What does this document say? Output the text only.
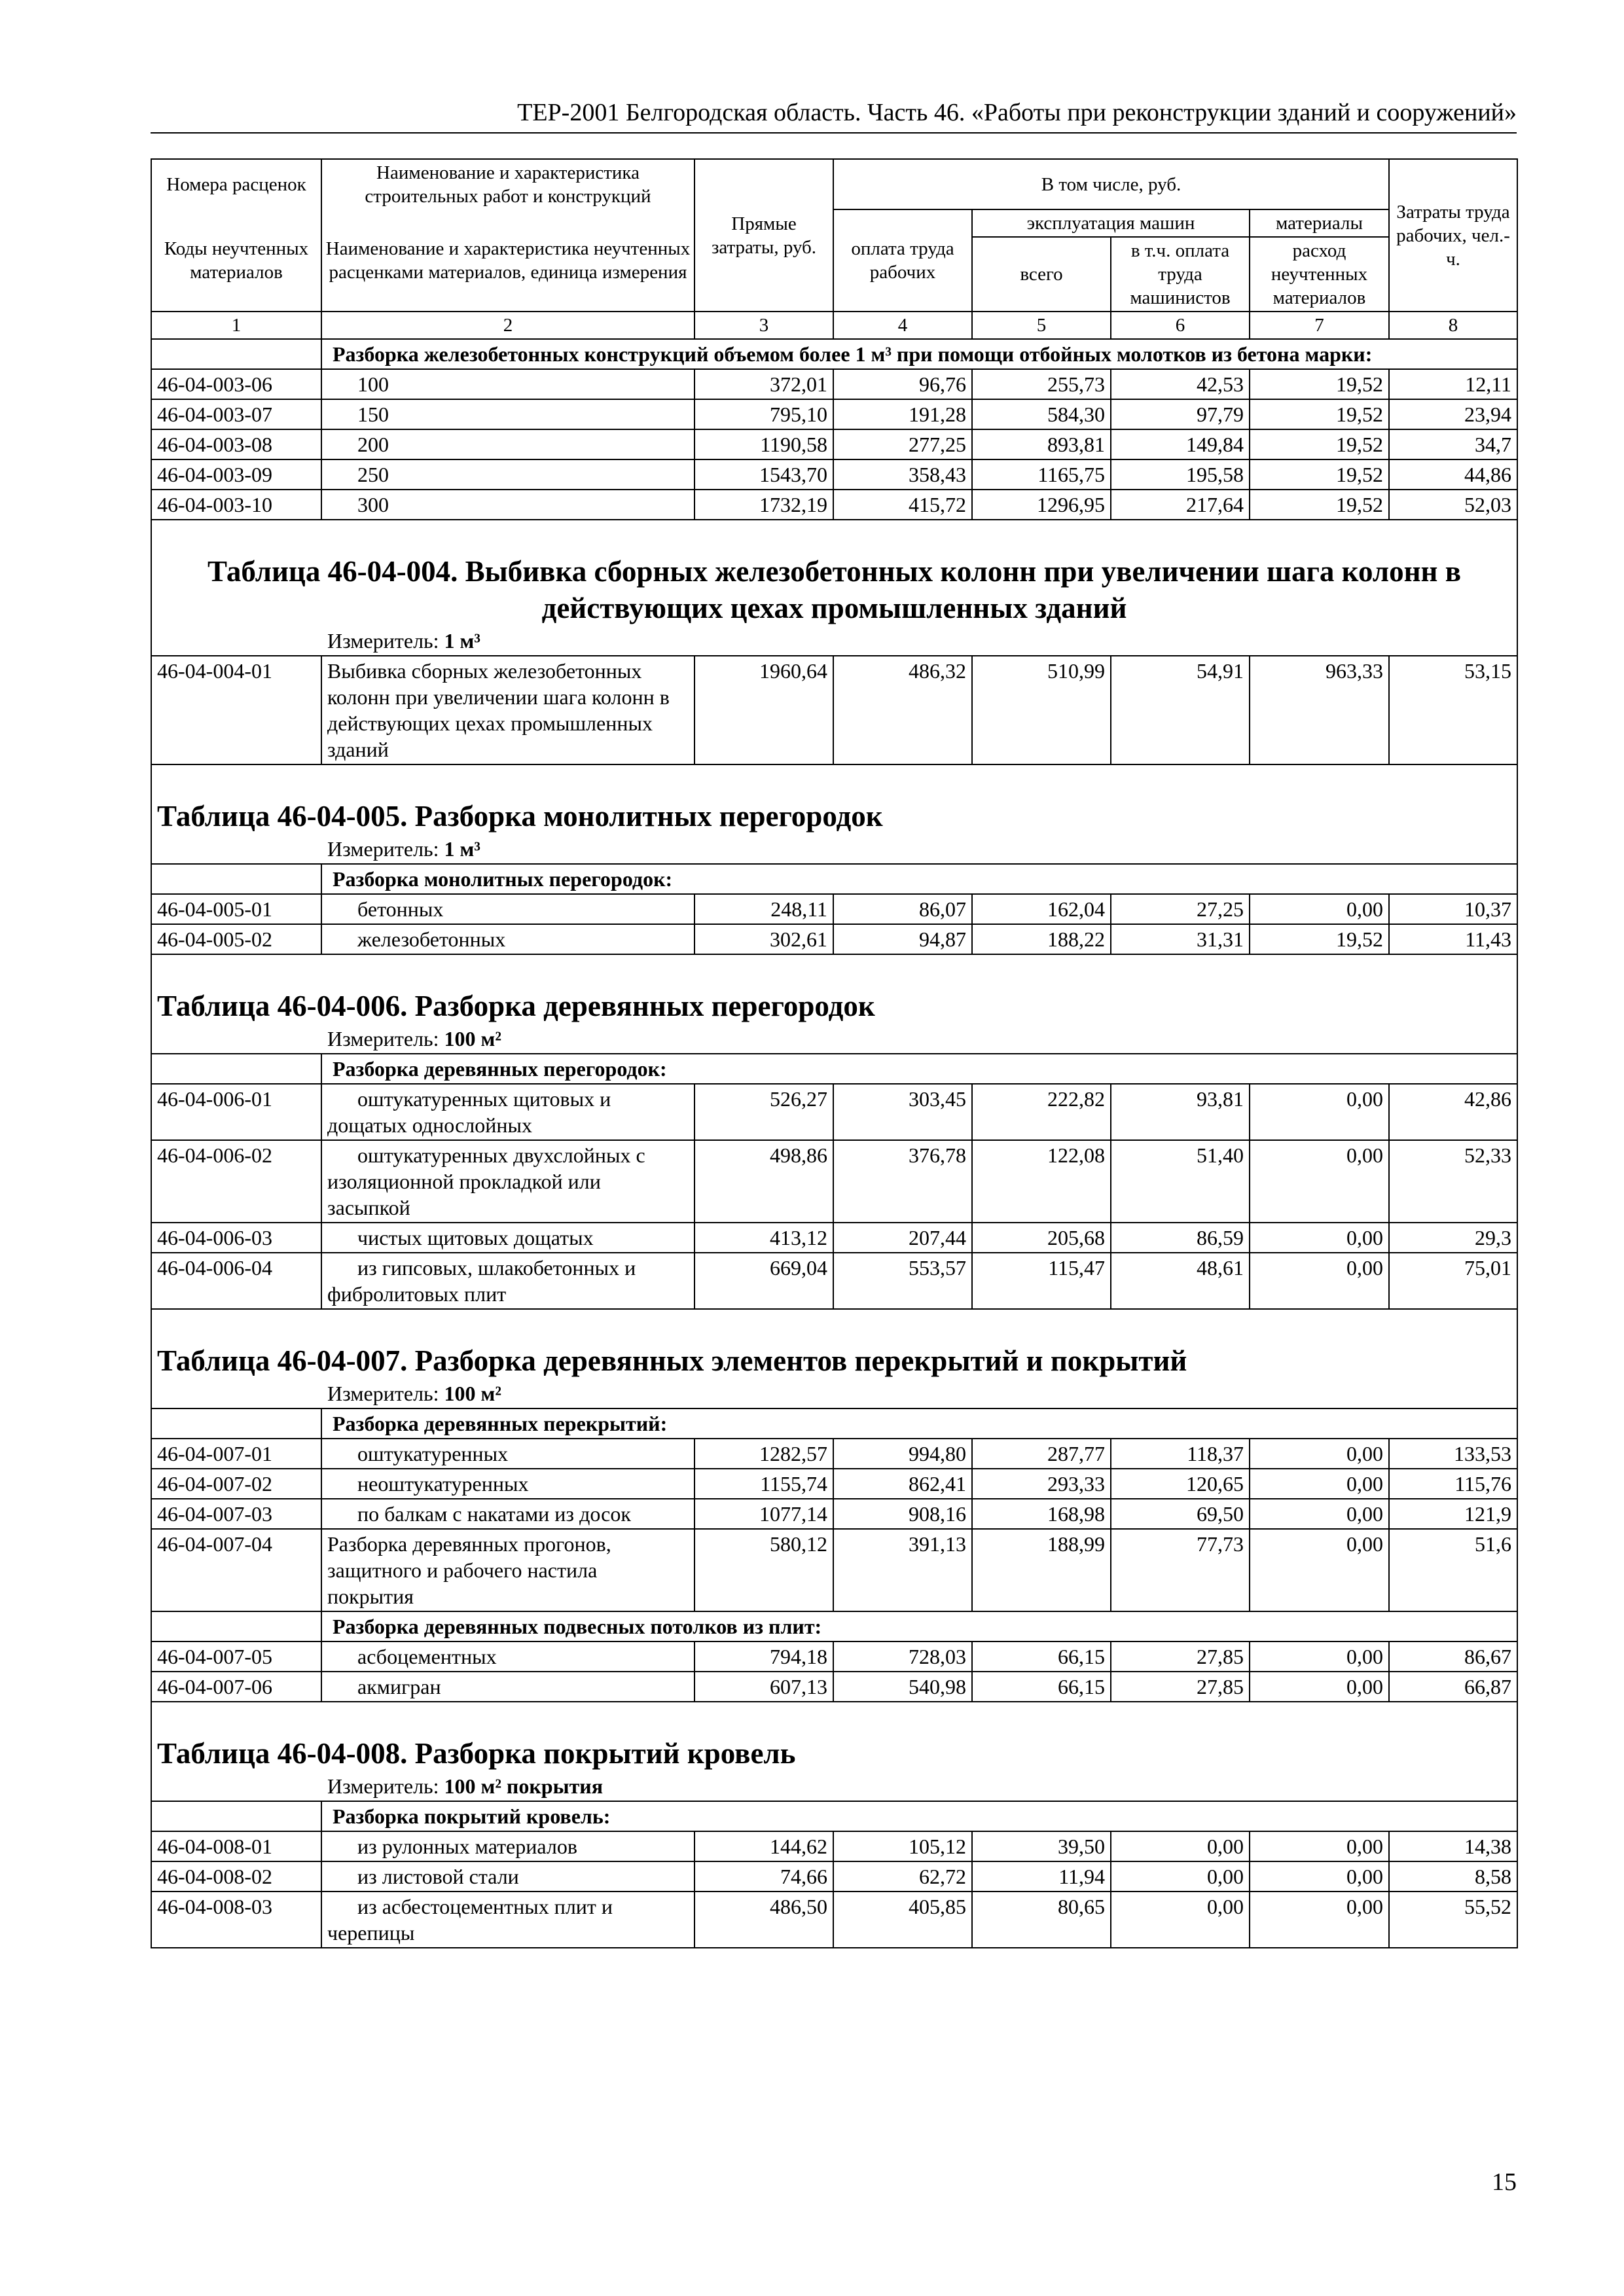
ТЕР-2001 Белгородская область. Часть 46. «Работы при реконструкции зданий и сооружений»
Номера расценок	Наименование и характеристика строительных работ и конструкций	Прямые затраты, руб.	В том числе, руб.				Затраты труда рабочих, чел.-ч.
Коды неучтенных материалов	Наименование и характеристика неучтенных расценками материалов, единица измерения		оплата труда рабочих	эксплуатация машин		материалы	
				всего	в т.ч. оплата труда машинистов	расход неучтенных материалов	
1	2	3	4	5	6	7	8
	Разборка железобетонных конструкций объемом более 1 м³ при помощи отбойных молотков из бетона марки:						
46-04-003-06	100	372,01	96,76	255,73	42,53	19,52	12,11
46-04-003-07	150	795,10	191,28	584,30	97,79	19,52	23,94
46-04-003-08	200	1190,58	277,25	893,81	149,84	19,52	34,7
46-04-003-09	250	1543,70	358,43	1165,75	195,58	19,52	44,86
46-04-003-10	300	1732,19	415,72	1296,95	217,64	19,52	52,03

Таблица 46-04-004. Выбивка сборных железобетонных колонн при увеличении шага колонн в действующих цехах промышленных зданий
Измеритель: 1 м³							

46-04-004-01	Выбивка сборных железобетонных колонн при увеличении шага колонн в действующих цехах промышленных зданий	1960,64	486,32	510,99	54,91	963,33	53,15

Таблица 46-04-005. Разборка монолитных перегородок
Измеритель: 1 м³							

	Разборка монолитных перегородок:						
46-04-005-01	бетонных	248,11	86,07	162,04	27,25	0,00	10,37
46-04-005-02	железобетонных	302,61	94,87	188,22	31,31	19,52	11,43

Таблица 46-04-006. Разборка деревянных перегородок
Измеритель: 100 м²							

	Разборка деревянных перегородок:						
46-04-006-01	оштукатуренных щитовых и дощатых однослойных	526,27	303,45	222,82	93,81	0,00	42,86
46-04-006-02	оштукатуренных двухслойных с изоляционной прокладкой или засыпкой	498,86	376,78	122,08	51,40	0,00	52,33
46-04-006-03	чистых щитовых дощатых	413,12	207,44	205,68	86,59	0,00	29,3
46-04-006-04	из гипсовых, шлакобетонных и фибролитовых плит	669,04	553,57	115,47	48,61	0,00	75,01

Таблица 46-04-007. Разборка деревянных элементов перекрытий и покрытий
Измеритель: 100 м²							

	Разборка деревянных перекрытий:						
46-04-007-01	оштукатуренных	1282,57	994,80	287,77	118,37	0,00	133,53
46-04-007-02	неоштукатуренных	1155,74	862,41	293,33	120,65	0,00	115,76
46-04-007-03	по балкам с накатами из досок	1077,14	908,16	168,98	69,50	0,00	121,9
46-04-007-04	Разборка деревянных прогонов, защитного и рабочего настила покрытия	580,12	391,13	188,99	77,73	0,00	51,6
	Разборка деревянных подвесных потолков из плит:						
46-04-007-05	асбоцементных	794,18	728,03	66,15	27,85	0,00	86,67
46-04-007-06	акмигран	607,13	540,98	66,15	27,85	0,00	66,87

Таблица 46-04-008. Разборка покрытий кровель
Измеритель: 100 м² покрытия							

	Разборка покрытий кровель:						
46-04-008-01	из рулонных материалов	144,62	105,12	39,50	0,00	0,00	14,38
46-04-008-02	из листовой стали	74,66	62,72	11,94	0,00	0,00	8,58
46-04-008-03	из асбестоцементных плит и черепицы	486,50	405,85	80,65	0,00	0,00	55,52
15
